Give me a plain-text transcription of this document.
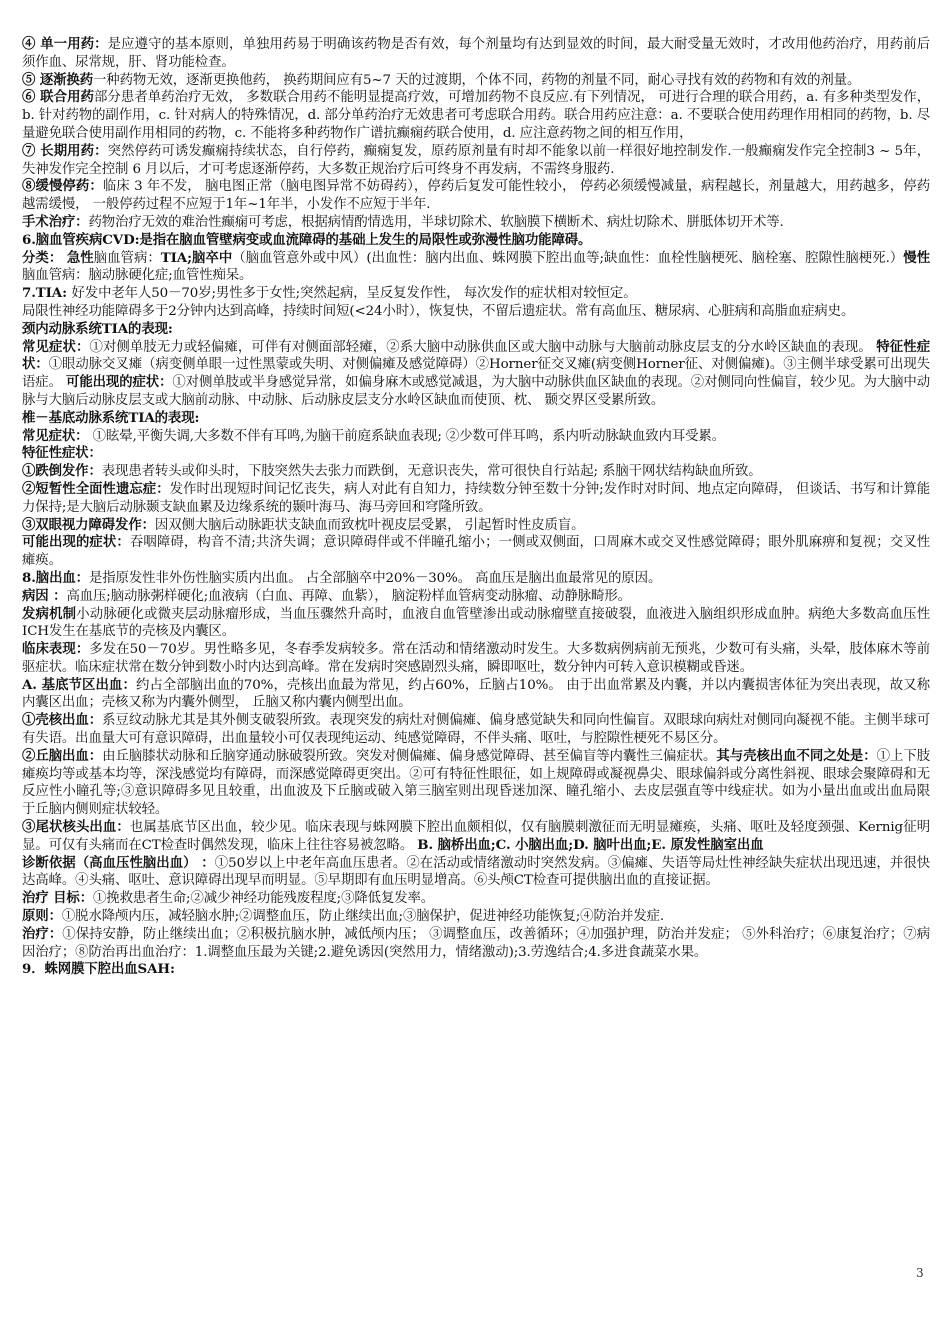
④ 单一用药：是应遵守的基本原则，单独用药易于明确该药物是否有效，每个剂量均有达到显效的时间，最大耐受量无效时，才改用他药治疗，用药前后须作血、尿常规，肝、肾功能检查。

⑤ 逐渐换药一种药物无效，逐渐更换他药， 换药期间应有5~7 天的过渡期，个体不同，药物的剂量不同，耐心寻找有效的药物和有效的剂量。

⑥ 联合用药部分患者单药治疗无效， 多数联合用药不能明显提高疗效，可增加药物不良反应.有下列情况， 可进行合理的联合用药，a. 有多种类型发作，b. 针对药物的副作用，c. 针对病人的特殊情况，d. 部分单药治疗无效患者可考虑联合用药。联合用药应注意：a. 不要联合使用药理作用相同的药物，b. 尽量避免联合使用副作用相同的药物，c. 不能将多种药物作广谱抗癫痫药联合使用，d. 应注意药物之间的相互作用，

⑦ 长期用药：突然停药可诱发癫痫持续状态，自行停药，癫痫复发，原药原剂量有时却不能象以前一样很好地控制发作.一般癫痫发作完全控制3 ~ 5年，失神发作完全控制 6 月以后，才可考虑逐渐停药，大多数正规治疗后可终身不再发病，不需终身服药.

⑧缓慢停药：临床 3 年不发， 脑电图正常（脑电图异常不妨碍药），停药后复发可能性较小， 停药必须缓慢减量，病程越长，剂量越大，用药越多，停药越需缓慢， 一般停药过程不应短于1年~1年半，小发作不应短于半年.

手术治疗：药物治疗无效的难治性癫痫可考虑，根据病情酌情选用，半球切除术、软脑膜下横断术、病灶切除术、胼胝体切开术等.

6.脑血管疾病CVD:是指在脑血管壁病变或血流障碍的基础上发生的局限性或弥漫性脑功能障碍。

分类： 急性脑血管病：TIA;脑卒中（脑血管意外或中风）(出血性：脑内出血、蛛网膜下腔出血等;缺血性：血栓性脑梗死、脑栓塞、腔隙性脑梗死.）慢性脑血管病：脑动脉硬化症;血管性痴呆。

7.TIA: 好发中老年人50－70岁;男性多于女性;突然起病，呈反复发作性， 每次发作的症状相对较恒定。

局限性神经功能障碍多于2分钟内达到高峰，持续时间短(<24小时），恢复快，不留后遗症状。常有高血压、糖尿病、心脏病和高脂血症病史。

颈内动脉系统TIA的表现:

常见症状：①对侧单肢无力或轻偏瘫，可伴有对侧面部轻瘫，②系大脑中动脉供血区或大脑中动脉与大脑前动脉皮层支的分水岭区缺血的表现。 特征性症状：①眼动脉交叉瘫（病变侧单眼一过性黑蒙或失明、对侧偏瘫及感觉障碍）②Horner征交叉瘫(病变侧Horner征、对侧偏瘫)。③主侧半球受累可出现失语症。 可能出现的症状：①对侧单肢或半身感觉异常，如偏身麻木或感觉减退，为大脑中动脉供血区缺血的表现。②对侧同向性偏盲，较少见。为大脑中动脉与大脑后动脉皮层支或大脑前动脉、中动脉、后动脉皮层支分水岭区缺血而使顶、枕、 颞交界区受累所致。

椎－基底动脉系统TIA的表现:

常见症状： ①眩晕,平衡失调,大多数不伴有耳鸣,为脑干前庭系缺血表现; ②少数可伴耳鸣，系内听动脉缺血致内耳受累。

特征性症状：

①跌倒发作：表现患者转头或仰头时，下肢突然失去张力而跌倒，无意识丧失，常可很快自行站起; 系脑干网状结构缺血所致。

②短暂性全面性遗忘症：发作时出现短时间记忆丧失，病人对此有自知力，持续数分钟至数十分钟;发作时对时间、地点定向障碍， 但谈话、书写和计算能力保持;是大脑后动脉颞支缺血累及边缘系统的颞叶海马、海马旁回和穹隆所致。

③双眼视力障碍发作：因双侧大脑后动脉距状支缺血而致枕叶视皮层受累， 引起暂时性皮质盲。

可能出现的症状：吞咽障碍，构音不清;共济失调；意识障碍伴或不伴瞳孔缩小；一侧或双侧面，口周麻木或交叉性感觉障碍；眼外肌麻痹和复视；交叉性瘫痪。

8.脑出血：是指原发性非外伤性脑实质内出血。 占全部脑卒中20%－30%。 高血压是脑出血最常见的原因。

病因 ：高血压;脑动脉粥样硬化;血液病（白血、再障、血紫）， 脑淀粉样血管病变动脉瘤、动静脉畸形。

发病机制小动脉硬化或微夹层动脉瘤形成，当血压骤然升高时，血液自血管壁渗出或动脉瘤壁直接破裂，血液进入脑组织形成血肿。病绝大多数高血压性ICH发生在基底节的壳核及内囊区。

临床表现：多发在50－70岁。男性略多见，冬春季发病较多。常在活动和情绪激动时发生。大多数病例病前无预兆，少数可有头痛，头晕，肢体麻木等前驱症状。临床症状常在数分钟到数小时内达到高峰。常在发病时突感剧烈头痛，瞬即呕吐，数分钟内可转入意识模糊或昏迷。

A. 基底节区出血：约占全部脑出血的70%，壳核出血最为常见，约占60%，丘脑占10%。 由于出血常累及内囊，并以内囊损害体征为突出表现，故又称内囊区出血；壳核又称为内囊外侧型， 丘脑又称内囊内侧型出血。

①壳核出血：系豆纹动脉尤其是其外侧支破裂所致。表现突发的病灶对侧偏瘫、偏身感觉缺失和同向性偏盲。双眼球向病灶对侧同向凝视不能。主侧半球可有失语。出血量大可有意识障碍，出血量较小可仅表现纯运动、纯感觉障碍，不伴头痛、呕吐，与腔隙性梗死不易区分。

②丘脑出血：由丘脑膝状动脉和丘脑穿通动脉破裂所致。突发对侧偏瘫、偏身感觉障碍、甚至偏盲等内囊性三偏症状。其与壳核出血不同之处是：①上下肢瘫痪均等或基本均等，深浅感觉均有障碍，而深感觉障碍更突出。②可有特征性眼征，如上规障碍或凝视鼻尖、眼球偏斜或分离性斜视、眼球会聚障碍和无反应性小瞳孔等;③意识障碍多见且较重，出血波及下丘脑或破入第三脑室则出现昏迷加深、瞳孔缩小、去皮层强直等中线症状。如为小量出血或出血局限于丘脑内侧则症状较轻。

③尾状核头出血：也属基底节区出血，较少见。临床表现与蛛网膜下腔出血颇相似，仅有脑膜刺激征而无明显瘫痪，头痛、呕吐及轻度颈强、Kernig征明显。可仅有头痛而在CT检查时偶然发现，临床上往往容易被忽略。 B. 脑桥出血;C. 小脑出血;D. 脑叶出血;E. 原发性脑室出血

诊断依据（高血压性脑出血） ：①50岁以上中老年高血压患者。②在活动或情绪激动时突然发病。③偏瘫、失语等局灶性神经缺失症状出现迅速，并很快达高峰。④头痛、呕吐、意识障碍出现早而明显。⑤早期即有血压明显增高。⑥头颅CT检查可提供脑出血的直接证据。

治疗 目标：①挽救患者生命;②减少神经功能残废程度;③降低复发率。

原则：①脱水降颅内压，减轻脑水肿;②调整血压，防止继续出血;③脑保护，促进神经功能恢复;④防治并发症.

治疗：①保持安静，防止继续出血；②积极抗脑水肿，减低颅内压； ③调整血压，改善循环；④加强护理，防治并发症； ⑤外科治疗；⑥康复治疗；⑦病因治疗；⑧防治再出血治疗：1.调整血压最为关键;2.避免诱因(突然用力，情绪激动);3.劳逸结合;4.多进食蔬菜水果。

9．蛛网膜下腔出血SAH:

3
